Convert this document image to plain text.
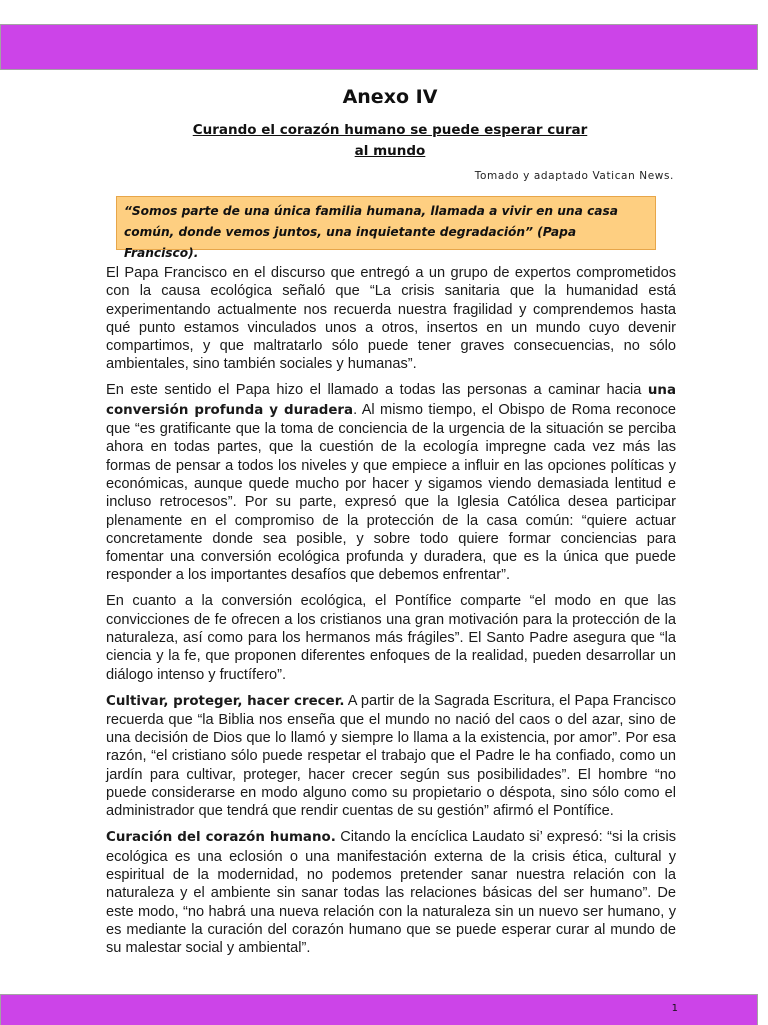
Anexo IV
Curando el corazón humano se puede esperar curar al mundo
Tomado y adaptado Vatican News.
“Somos parte de una única familia humana, llamada a vivir en una casa común, donde vemos juntos, una inquietante degradación” (Papa Francisco).

El Papa Francisco en el discurso que entregó a un grupo de expertos comprometidos con la causa ecológica señaló que “La crisis sanitaria que la humanidad está experimentando actualmente nos recuerda nuestra fragilidad y comprendemos hasta qué punto estamos vinculados unos a otros, insertos en un mundo cuyo devenir compartimos, y que maltratarlo sólo puede tener graves consecuencias, no sólo ambientales, sino también sociales y humanas”.

En este sentido el Papa hizo el llamado a todas las personas a caminar hacia una conversión profunda y duradera. Al mismo tiempo, el Obispo de Roma reconoce que “es gratificante que la toma de conciencia de la urgencia de la situación se perciba ahora en todas partes, que la cuestión de la ecología impregne cada vez más las formas de pensar a todos los niveles y que empiece a influir en las opciones políticas y económicas, aunque quede mucho por hacer y sigamos viendo demasiada lentitud e incluso retrocesos”. Por su parte, expresó que la Iglesia Católica desea participar plenamente en el compromiso de la protección de la casa común: “quiere actuar concretamente donde sea posible, y sobre todo quiere formar conciencias para fomentar una conversión ecológica profunda y duradera, que es la única que puede responder a los importantes desafíos que debemos enfrentar”.

En cuanto a la conversión ecológica, el Pontífice comparte “el modo en que las convicciones de fe ofrecen a los cristianos una gran motivación para la protección de la naturaleza, así como para los hermanos más frágiles”. El Santo Padre asegura que “la ciencia y la fe, que proponen diferentes enfoques de la realidad, pueden desarrollar un diálogo intenso y fructífero”.

Cultivar, proteger, hacer crecer. A partir de la Sagrada Escritura, el Papa Francisco recuerda que “la Biblia nos enseña que el mundo no nació del caos o del azar, sino de una decisión de Dios que lo llamó y siempre lo llama a la existencia, por amor”. Por esa razón, “el cristiano sólo puede respetar el trabajo que el Padre le ha confiado, como un jardín para cultivar, proteger, hacer crecer según sus posibilidades”. El hombre “no puede considerarse en modo alguno como su propietario o déspota, sino sólo como el administrador que tendrá que rendir cuentas de su gestión” afirmó el Pontífice.

Curación del corazón humano. Citando la encíclica Laudato si’ expresó: “si la crisis ecológica es una eclosión o una manifestación externa de la crisis ética, cultural y espiritual de la modernidad, no podemos pretender sanar nuestra relación con la naturaleza y el ambiente sin sanar todas las relaciones básicas del ser humano”. De este modo, “no habrá una nueva relación con la naturaleza sin un nuevo ser humano, y es mediante la curación del corazón humano que se puede esperar curar al mundo de su malestar social y ambiental”.

1
